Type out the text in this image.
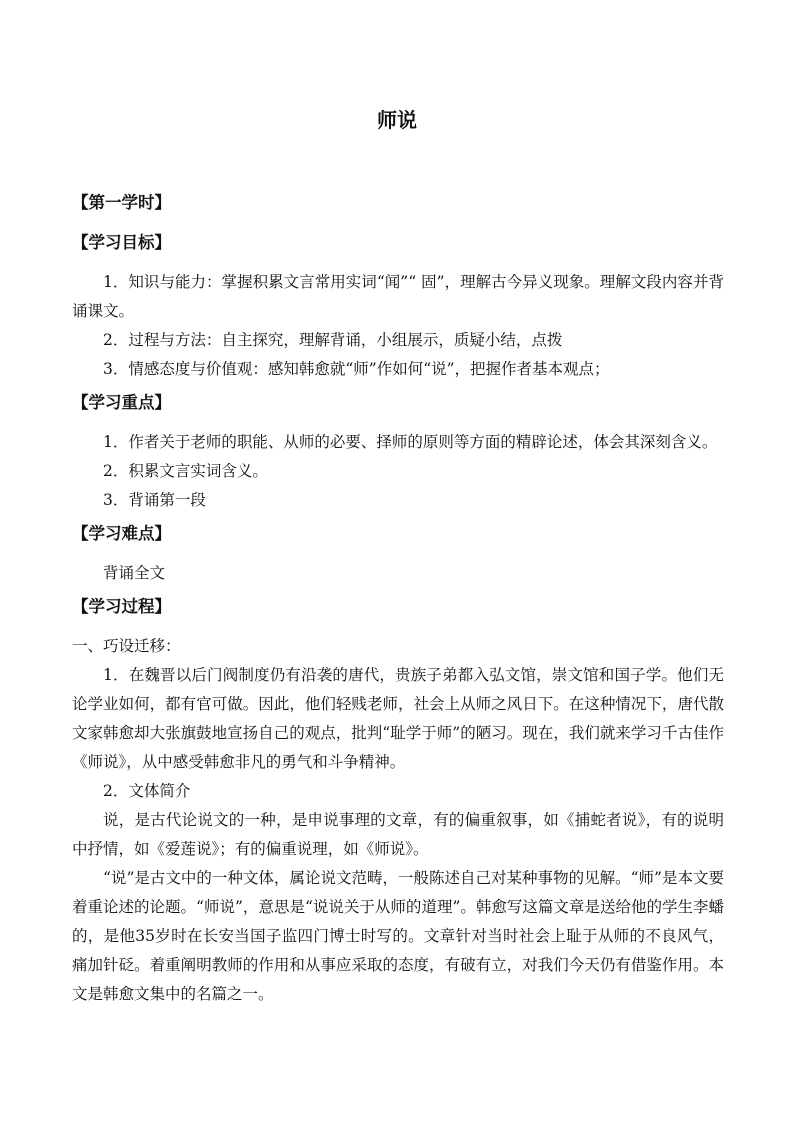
师说

【第一学时】

【学习目标】

1．知识与能力：掌握积累文言常用实词“闻”“ 固”，理解古今异义现象。理解文段内容并背诵课文。

2．过程与方法：自主探究，理解背诵，小组展示，质疑小结，点拨

3．情感态度与价值观：感知韩愈就“师”作如何“说”，把握作者基本观点；

【学习重点】

1．作者关于老师的职能、从师的必要、择师的原则等方面的精辟论述，体会其深刻含义。

2．积累文言实词含义。

3．背诵第一段

【学习难点】

背诵全文

【学习过程】

一、巧设迁移：

1．在魏晋以后门阀制度仍有沿袭的唐代，贵族子弟都入弘文馆，崇文馆和国子学。他们无论学业如何，都有官可做。因此，他们轻贱老师，社会上从师之风日下。在这种情况下，唐代散文家韩愈却大张旗鼓地宣扬自己的观点，批判“耻学于师”的陋习。现在，我们就来学习千古佳作《师说》，从中感受韩愈非凡的勇气和斗争精神。

2．文体简介

说，是古代论说文的一种，是申说事理的文章，有的偏重叙事，如《捕蛇者说》，有的说明中抒情，如《爱莲说》；有的偏重说理，如《师说》。

“说”是古文中的一种文体，属论说文范畴，一般陈述自己对某种事物的见解。“师”是本文要着重论述的论题。“师说”，意思是“说说关于从师的道理”。韩愈写这篇文章是送给他的学生李蟠的，是他35岁时在长安当国子监四门博士时写的。文章针对当时社会上耻于从师的不良风气，痛加针砭。着重阐明教师的作用和从事应采取的态度，有破有立，对我们今天仍有借鉴作用。本文是韩愈文集中的名篇之一。
